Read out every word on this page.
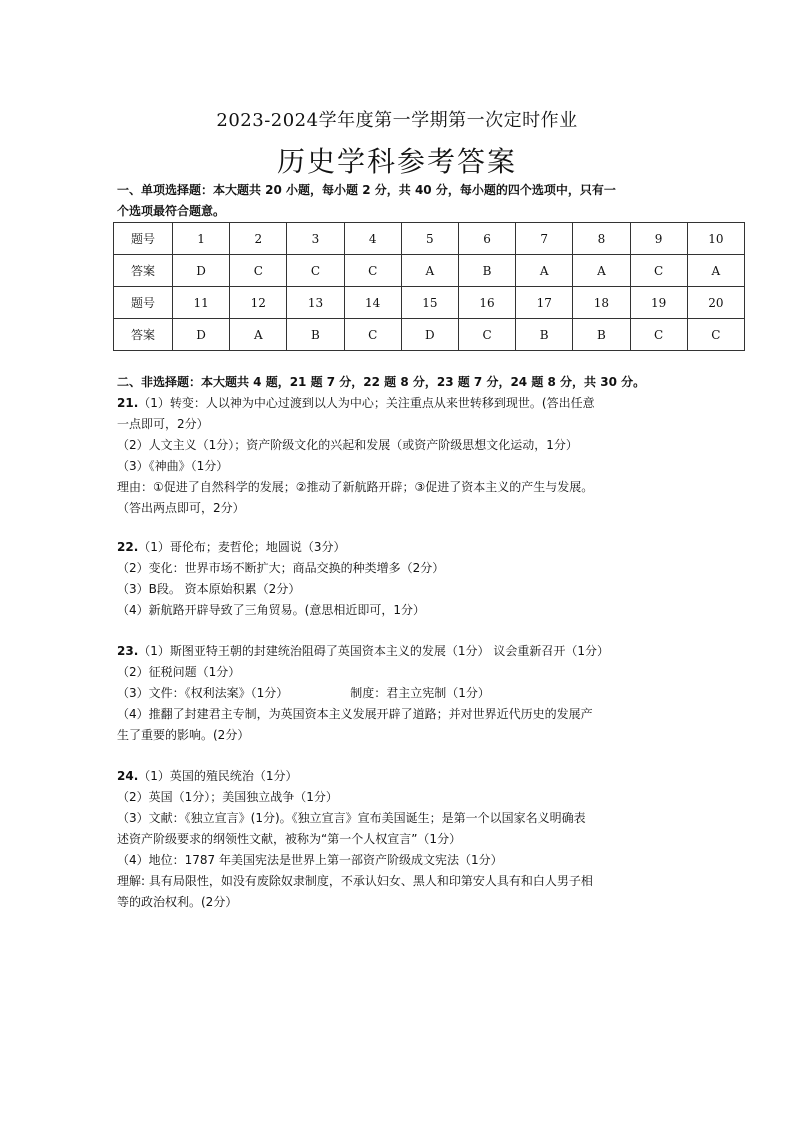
2023-2024学年度第一学期第一次定时作业
历史学科参考答案
一、单项选择题：本大题共 20 小题，每小题 2 分，共 40 分，每小题的四个选项中，只有一
个选项最符合题意。
题号	1	2	3	4	5	6	7	8	9	10
答案	D	C	C	C	A	B	A	A	C	A
题号	11	12	13	14	15	16	17	18	19	20
答案	D	A	B	C	D	C	B	B	C	C
二、非选择题：本大题共 4 题，21 题 7 分，22 题 8 分，23 题 7 分，24 题 8 分，共 30 分。
21.（1）转变：人以神为中心过渡到以人为中心；关注重点从来世转移到现世。(答出任意
一点即可，2分）
（2）人文主义（1分）；资产阶级文化的兴起和发展（或资产阶级思想文化运动，1分）
（3）《神曲》（1分）
理由：①促进了自然科学的发展；②推动了新航路开辟；③促进了资本主义的产生与发展。
（答出两点即可，2分）
22.（1）哥伦布；麦哲伦；地圆说（3分）
（2）变化：世界市场不断扩大；商品交换的种类增多（2分）
（3）B段。 资本原始积累（2分）
（4）新航路开辟导致了三角贸易。(意思相近即可，1分）
23.（1）斯图亚特王朝的封建统治阻碍了英国资本主义的发展（1分） 议会重新召开（1分）
（2）征税问题（1分）
（3）文件：《权利法案》（1分）	制度：君主立宪制（1分）
（4）推翻了封建君主专制，为英国资本主义发展开辟了道路；并对世界近代历史的发展产
生了重要的影响。(2分）
24.（1）英国的殖民统治（1分）
（2）英国（1分）；美国独立战争（1分）
（3）文献：《独立宣言》(1分)。《独立宣言》宣布美国诞生；是第一个以国家名义明确表
述资产阶级要求的纲领性文献，被称为“第一个人权宣言”（1分）
（4）地位：1787 年美国宪法是世界上第一部资产阶级成文宪法（1分）
理解: 具有局限性，如没有废除奴隶制度，不承认妇女、黑人和印第安人具有和白人男子相
等的政治权利。(2分）
